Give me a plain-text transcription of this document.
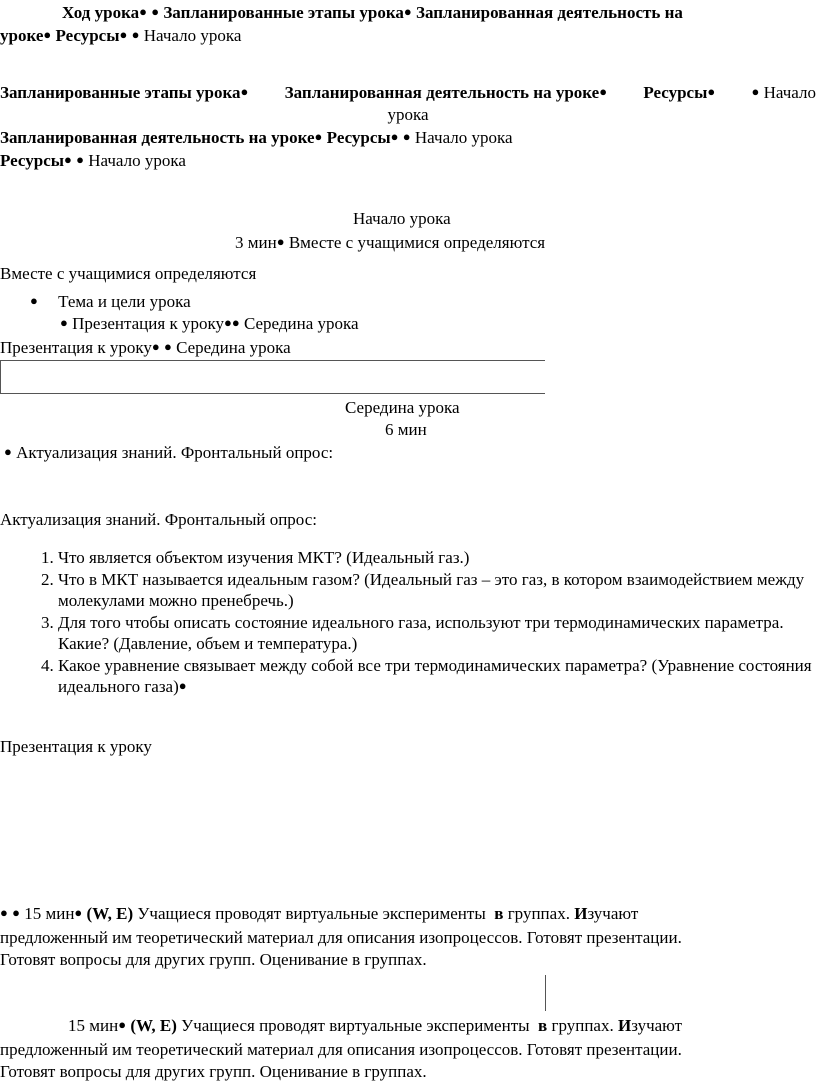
Ход урока● ● Запланированные этапы урока● Запланированная деятельность на
уроке● Ресурсы● ● Начало урока
Запланированные этапы урока● Запланированная деятельность на уроке● Ресурсы●	● Начало
урока
Запланированная деятельность на уроке● Ресурсы● ● Начало урока
Ресурсы● ● Начало урока
Начало урока
3 мин● Вместе с учащимися определяются
Вместе с учащимися определяются
● Тема и цели урока
● Презентация к уроку●● Середина урока
Презентация к уроку● ● Середина урока
Середина урока
6 мин
● Актуализация знаний. Фронтальный опрос:
Актуализация знаний. Фронтальный опрос:
1. Что является объектом изучения МКТ? (Идеальный газ.)
2. Что в МКТ называется идеальным газом? (Идеальный газ – это газ, в котором взаимодействием между молекулами можно пренебречь.)
3. Для того чтобы описать состояние идеального газа, используют три термодинамических параметра. Какие? (Давление, объем и температура.)
4. Какое уравнение связывает между собой все три термодинамических параметра? (Уравнение состояния идеального газа)●
Презентация к уроку
● ● 15 мин● (W, E) Учащиеся проводят виртуальные эксперименты в группах. Изучают
предложенный им теоретический материал для описания изопроцессов. Готовят презентации.
Готовят вопросы для других групп. Оценивание в группах.
15 мин● (W, E) Учащиеся проводят виртуальные эксперименты в группах. Изучают
предложенный им теоретический материал для описания изопроцессов. Готовят презентации.
Готовят вопросы для других групп. Оценивание в группах.
